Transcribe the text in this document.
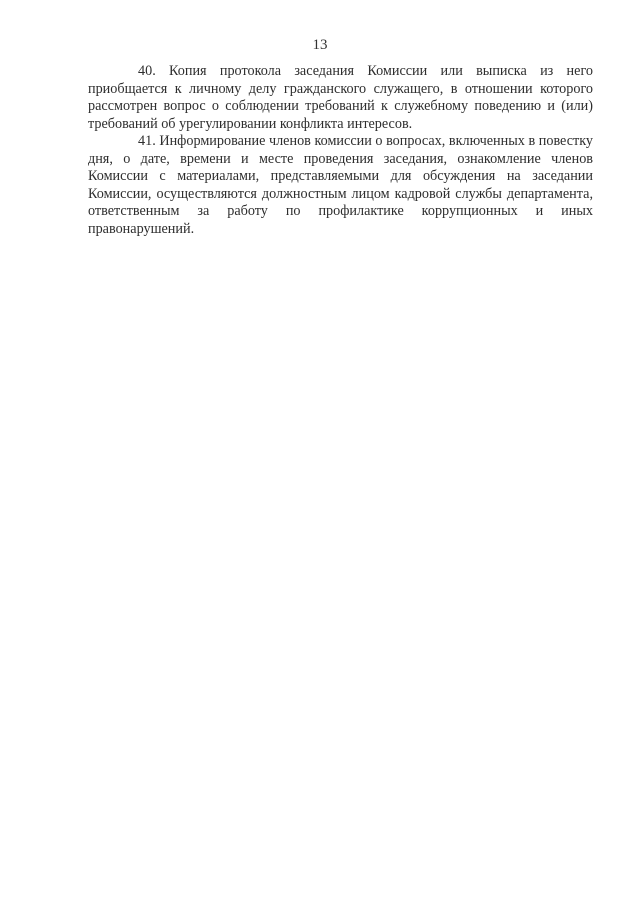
13

40. Копия протокола заседания Комиссии или выписка из него приобщается к личному делу гражданского служащего, в отношении которого рассмотрен вопрос о соблюдении требований к служебному поведению и (или) требований об урегулировании конфликта интересов.

41. Информирование членов комиссии о вопросах, включенных в повестку дня, о дате, времени и месте проведения заседания, ознакомление членов Комиссии с материалами, представляемыми для обсуждения на заседании Комиссии, осуществляются должностным лицом кадровой службы департамента, ответственным за работу по профилактике коррупционных и иных правонарушений.
